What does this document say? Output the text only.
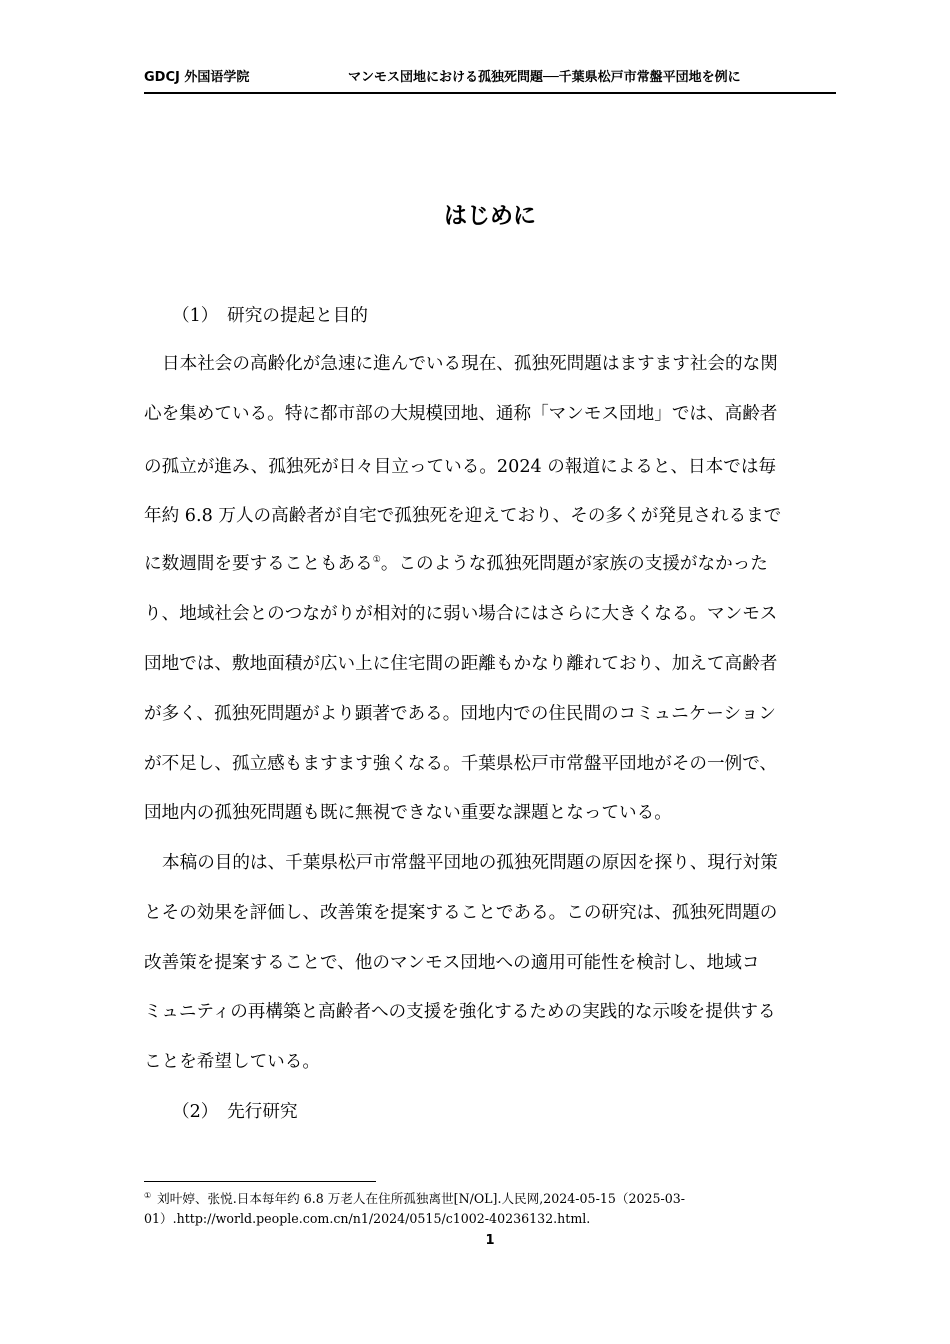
GDCJ 外国语学院	マンモス団地における孤独死問題──千葉県松戸市常盤平団地を例に
はじめに
（1）　研究の提起と目的
日本社会の高齢化が急速に進んでいる現在、孤独死問題はますます社会的な関
心を集めている。特に都市部の大規模団地、通称「マンモス団地」では、高齢者
の孤立が進み、孤独死が日々目立っている。2024 の報道によると、日本では毎
年約 6.8 万人の高齢者が自宅で孤独死を迎えており、その多くが発見されるまで
に数週間を要することもある①。このような孤独死問題が家族の支援がなかった
り、地域社会とのつながりが相対的に弱い場合にはさらに大きくなる。マンモス
団地では、敷地面積が広い上に住宅間の距離もかなり離れており、加えて高齢者
が多く、孤独死問題がより顕著である。団地内での住民間のコミュニケーション
が不足し、孤立感もますます強くなる。千葉県松戸市常盤平団地がその一例で、
団地内の孤独死問題も既に無視できない重要な課題となっている。
本稿の目的は、千葉県松戸市常盤平団地の孤独死問題の原因を探り、現行対策
とその効果を評価し、改善策を提案することである。この研究は、孤独死問題の
改善策を提案することで、他のマンモス団地への適用可能性を検討し、地域コ
ミュニティの再構築と高齢者への支援を強化するための実践的な示唆を提供する
ことを希望している。
（2）　先行研究
① 刘叶婷、张悦.日本每年约 6.8 万老人在住所孤独离世[N/OL].人民网,2024-05-15（2025-03-
01）.http://world.people.com.cn/n1/2024/0515/c1002-40236132.html.
1
